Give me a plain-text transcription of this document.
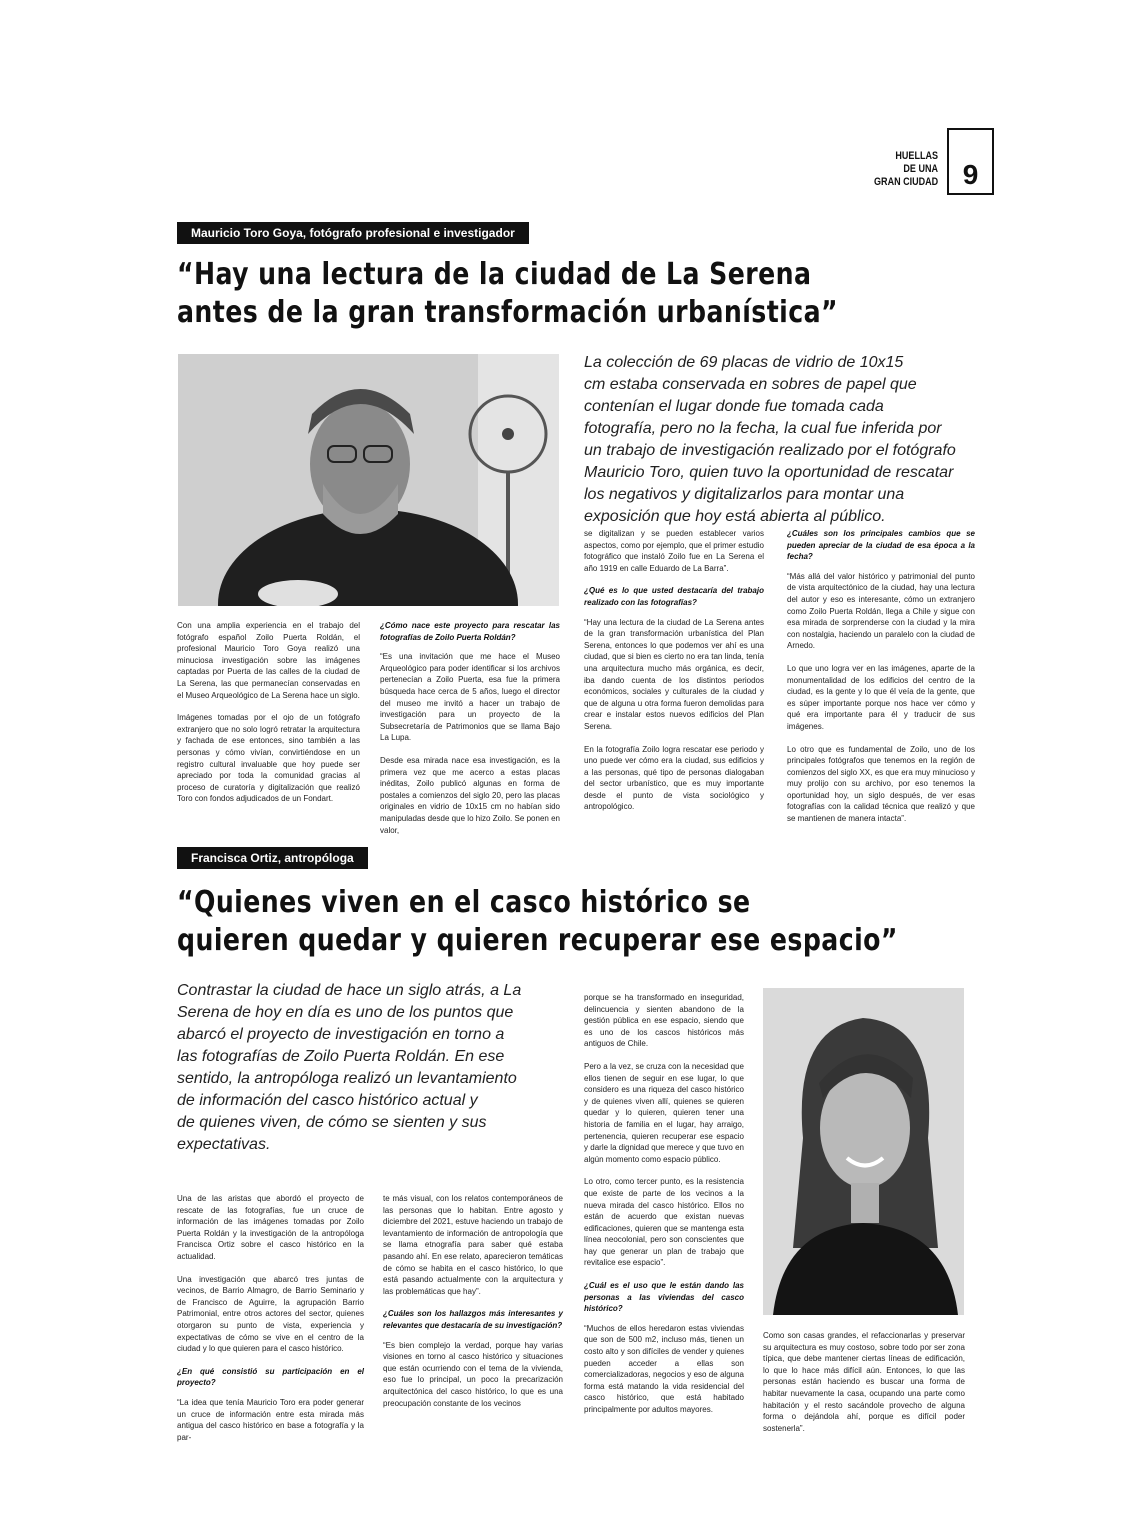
HUELLAS
DE UNA
GRAN CIUDAD 9
Mauricio Toro Goya, fotógrafo profesional e investigador
“Hay una lectura de la ciudad de La Serena
antes de la gran transformación urbanística”
La colección de 69 placas de vidrio de 10x15
cm estaba conservada en sobres de papel que
contenían el lugar donde fue tomada cada
fotografía, pero no la fecha, la cual fue inferida por
un trabajo de investigación realizado por el fotógrafo
Mauricio Toro, quien tuvo la oportunidad de rescatar
los negativos y digitalizarlos para montar una
exposición que hoy está abierta al público.

Con una amplia experiencia en el trabajo del fotógrafo español Zoilo Puerta Roldán, el profesional Mauricio Toro Goya realizó una minuciosa investigación sobre las imágenes captadas por Puerta de las calles de la ciudad de La Serena, las que permanecían conservadas en el Museo Arqueológico de La Serena hace un siglo.

Imágenes tomadas por el ojo de un fotógrafo extranjero que no solo logró retratar la arquitectura y fachada de ese entonces, sino también a las personas y cómo vivían, convirtiéndose en un registro cultural invaluable que hoy puede ser apreciado por toda la comunidad gracias al proceso de curatoría y digitalización que realizó Toro con fondos adjudicados de un Fondart.

¿Cómo nace este proyecto para rescatar las fotografías de Zoilo Puerta Roldán?

“Es una invitación que me hace el Museo Arqueológico para poder identificar si los archivos pertenecían a Zoilo Puerta, esa fue la primera búsqueda hace cerca de 5 años, luego el director del museo me invitó a hacer un trabajo de investigación para un proyecto de la Subsecretaría de Patrimonios que se llama Bajo La Lupa.

Desde esa mirada nace esa investigación, es la primera vez que me acerco a estas placas inéditas, Zoilo publicó algunas en forma de postales a comienzos del siglo 20, pero las placas originales en vidrio de 10x15 cm no habían sido manipuladas desde que lo hizo Zoilo. Se ponen en valor,

se digitalizan y se pueden establecer varios aspectos, como por ejemplo, que el primer estudio fotográfico que instaló Zoilo fue en La Serena el año 1919 en calle Eduardo de La Barra”.

¿Qué es lo que usted destacaría del trabajo realizado con las fotografías?

“Hay una lectura de la ciudad de La Serena antes de la gran transformación urbanística del Plan Serena, entonces lo que podemos ver ahí es una ciudad, que si bien es cierto no era tan linda, tenía una arquitectura mucho más orgánica, es decir, iba dando cuenta de los distintos periodos económicos, sociales y culturales de la ciudad y que de alguna u otra forma fueron demolidas para crear e instalar estos nuevos edificios del Plan Serena.

En la fotografía Zoilo logra rescatar ese periodo y uno puede ver cómo era la ciudad, sus edificios y a las personas, qué tipo de personas dialogaban del sector urbanístico, que es muy importante desde el punto de vista sociológico y antropológico.

¿Cuáles son los principales cambios que se pueden apreciar de la ciudad de esa época a la fecha?

“Más allá del valor histórico y patrimonial del punto de vista arquitectónico de la ciudad, hay una lectura del autor y eso es interesante, cómo un extranjero como Zoilo Puerta Roldán, llega a Chile y sigue con esa mirada de sorprenderse con la ciudad y la mira con nostalgia, haciendo un paralelo con la ciudad de Arnedo.

Lo que uno logra ver en las imágenes, aparte de la monumentalidad de los edificios del centro de la ciudad, es la gente y lo que él veía de la gente, que es súper importante porque nos hace ver cómo y qué era importante para él y traducir de sus imágenes.

Lo otro que es fundamental de Zoilo, uno de los principales fotógrafos que tenemos en la región de comienzos del siglo XX, es que era muy minucioso y muy prolijo con su archivo, por eso tenemos la oportunidad hoy, un siglo después, de ver esas fotografías con la calidad técnica que realizó y que se mantienen de manera intacta”.

Francisca Ortiz, antropóloga
“Quienes viven en el casco histórico se
quieren quedar y quieren recuperar ese espacio”
Contrastar la ciudad de hace un siglo atrás, a La
Serena de hoy en día es uno de los puntos que
abarcó el proyecto de investigación en torno a
las fotografías de Zoilo Puerta Roldán. En ese
sentido, la antropóloga realizó un levantamiento
de información del casco histórico actual y
de quienes viven, de cómo se sienten y sus
expectativas.

Una de las aristas que abordó el proyecto de rescate de las fotografías, fue un cruce de información de las imágenes tomadas por Zoilo Puerta Roldán y la investigación de la antropóloga Francisca Ortiz sobre el casco histórico en la actualidad.

Una investigación que abarcó tres juntas de vecinos, de Barrio Almagro, de Barrio Seminario y de Francisco de Aguirre, la agrupación Barrio Patrimonial, entre otros actores del sector, quienes otorgaron su punto de vista, experiencia y expectativas de cómo se vive en el centro de la ciudad y lo que quieren para el casco histórico.

¿En qué consistió su participación en el proyecto?

“La idea que tenía Mauricio Toro era poder generar un cruce de información entre esta mirada más antigua del casco histórico en base a fotografía y la par-

te más visual, con los relatos contemporáneos de las personas que lo habitan. Entre agosto y diciembre del 2021, estuve haciendo un trabajo de levantamiento de información de antropología que se llama etnografía para saber qué estaba pasando ahí. En ese relato, aparecieron temáticas de cómo se habita en el casco histórico, lo que está pasando actualmente con la arquitectura y las problemáticas que hay”.

¿Cuáles son los hallazgos más interesantes y relevantes que destacaría de su investigación?

“Es bien complejo la verdad, porque hay varias visiones en torno al casco histórico y situaciones que están ocurriendo con el tema de la vivienda, eso fue lo principal, un poco la precarización arquitectónica del casco histórico, lo que es una preocupación constante de los vecinos

porque se ha transformado en inseguridad, delincuencia y sienten abandono de la gestión pública en ese espacio, siendo que es uno de los cascos históricos más antiguos de Chile.

Pero a la vez, se cruza con la necesidad que ellos tienen de seguir en ese lugar, lo que considero es una riqueza del casco histórico y de quienes viven allí, quienes se quieren quedar y lo quieren, quieren tener una historia de familia en el lugar, hay arraigo, pertenencia, quieren recuperar ese espacio y darle la dignidad que merece y que tuvo en algún momento como espacio público.

Lo otro, como tercer punto, es la resistencia que existe de parte de los vecinos a la nueva mirada del casco histórico. Ellos no están de acuerdo que existan nuevas edificaciones, quieren que se mantenga esta línea neocolonial, pero son conscientes que hay que generar un plan de trabajo que revitalice ese espacio”.

¿Cuál es el uso que le están dando las personas a las viviendas del casco histórico?

“Muchos de ellos heredaron estas viviendas que son de 500 m2, incluso más, tienen un costo alto y son difíciles de vender y quienes pueden acceder a ellas son comercializadoras, negocios y eso de alguna forma está matando la vida residencial del casco histórico, que está habitado principalmente por adultos mayores.

Como son casas grandes, el refaccionarlas y preservar su arquitectura es muy costoso, sobre todo por ser zona típica, que debe mantener ciertas líneas de edificación, lo que lo hace más difícil aún. Entonces, lo que las personas están haciendo es buscar una forma de habitar nuevamente la casa, ocupando una parte como habitación y el resto sacándole provecho de alguna forma o dejándola ahí, porque es difícil poder sostenerla”.
